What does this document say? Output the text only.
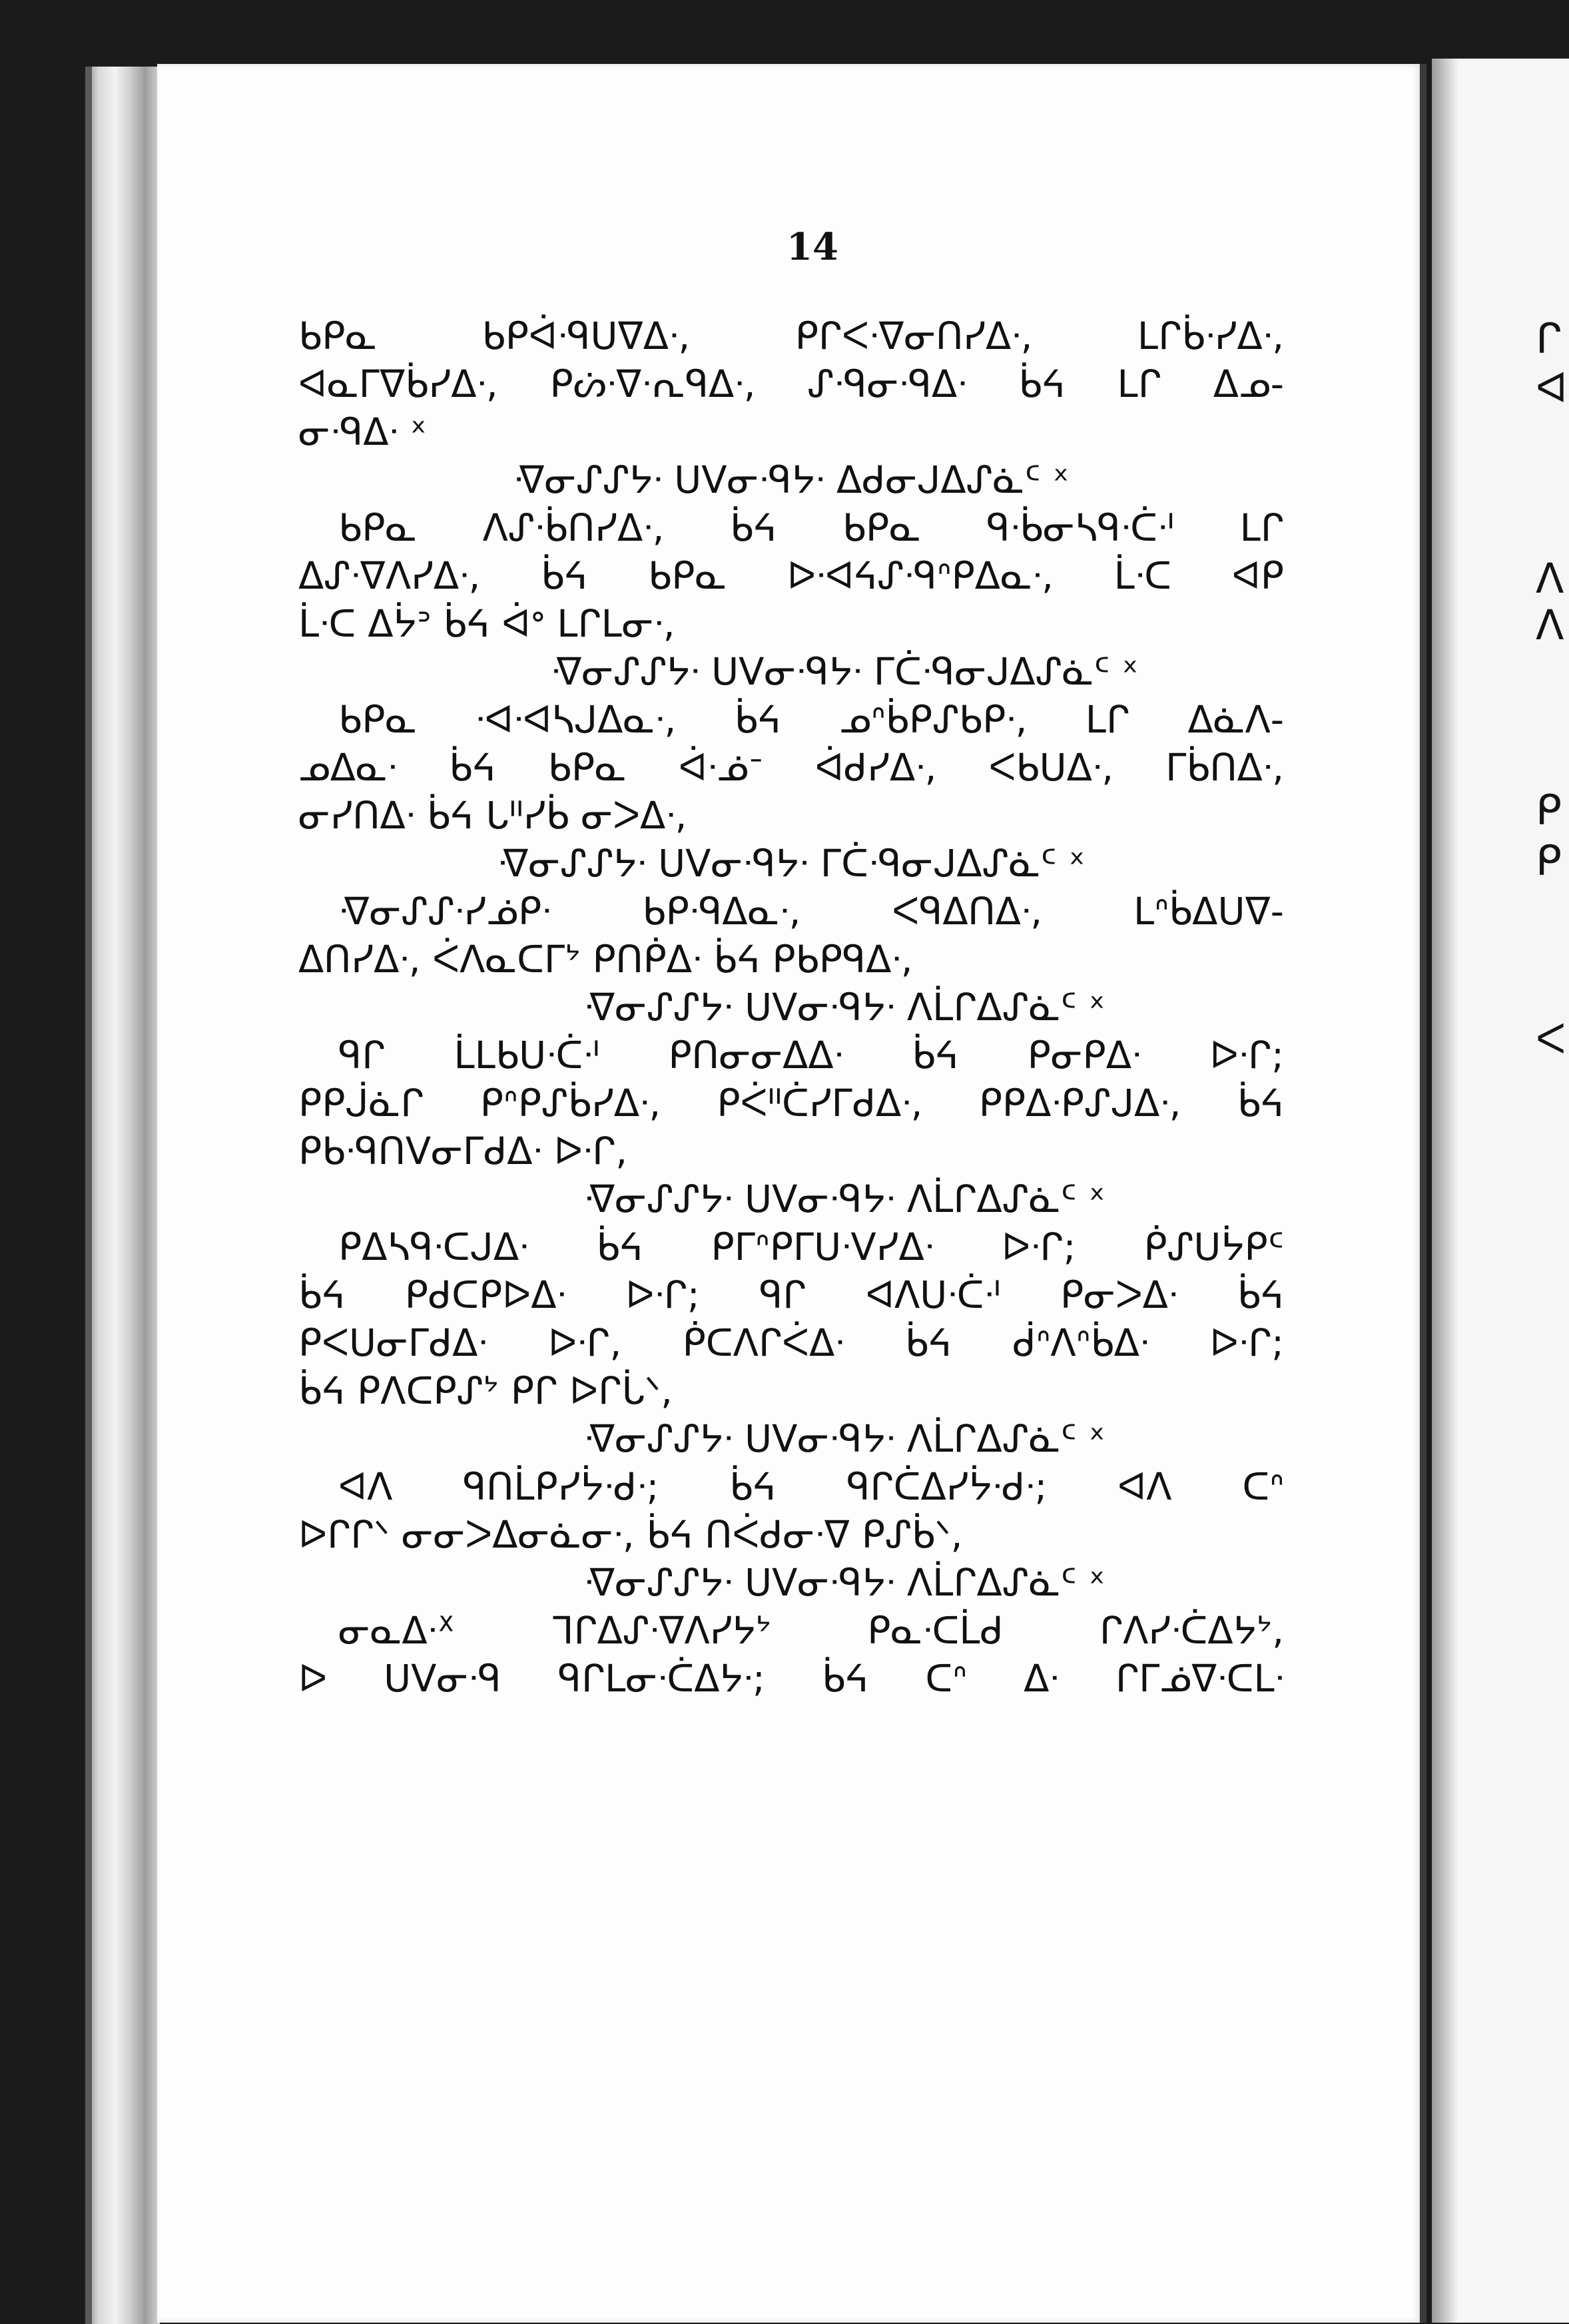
ᒋ
ᐊ
ᐱ
ᐱ
ᑭ
ᑭ
ᐸ
14
ᑲᑭᓇ ᑲᑭᐋᐧᑫᑌᐁᐃᐧ, ᑭᒋᐸᐧᐁᓂᑎᓯᐃᐧ, ᒪᒋᑳᐧᓯᐃᐧ,
ᐊᓇᒥᐁᑳᓯᐃᐧ, ᑭᔖᐧᐁᐧᕆᑫᐃᐧ, ᔑᐧᑫᓂᐧᑫᐃᐧ ᑳᔦ ᒪᒋ ᐃᓄ-
ᓂᐧᑫᐃᐧ ˣ
ᐌᓂᔑᔑᔭᐧ ᑌᐯᓂᐧᑫᔭᐧ ᐃᑯᓂᒍᐃᔑᓈᑦ ˣ
ᑲᑭᓇ ᐱᔑᐧᑳᑎᓯᐃᐧ, ᑳᔦ ᑲᑭᓇ ᑫᐧᑳᓂᓴᑫᐧᑖᐧᑊ ᒪᒋ
ᐃᔑᐧᐁᐱᓯᐃᐧ, ᑳᔦ ᑲᑭᓇ ᐅᐧᐊᔦᔑᐧᑫᐢᑭᐃᓇᐧ, ᒫᐧᑕ ᐊᑭ
ᒫᐧᑕ ᐃᔮᐣ ᑳᔦ ᐋᐤ ᒪᒋᒪᓂᐧ,
ᐌᓂᔑᔑᔭᐧ ᑌᐯᓂᐧᑫᔭᐧ ᒥᑖᐧᑫᓂᒍᐃᔑᓈᑦ ˣ
ᑲᑭᓇ ᐧᐊᐧᐊᓴᒍᐃᓇᐧ, ᑳᔦ ᓄᐢᑳᑭᔑᑲᑭᐧ, ᒪᒋ ᐃᓈᐱ-
ᓄᐃᓇᐧ ᑳᔦ ᑲᑭᓇ ᐋᐧᓅᐨ ᐋᑯᓯᐃᐧ, ᐸᑲᑌᐃᐧ, ᒥᑳᑎᐃᐧ,
ᓂᓯᑎᐃᐧ ᑳᔦ ᒐᐦᓯᑳ ᓂᐳᐃᐧ,
ᐌᓂᔑᔑᔭᐧ ᑌᐯᓂᐧᑫᔭᐧ ᒥᑖᐧᑫᓂᒍᐃᔑᓈᑦ ˣ
ᐌᓂᔑᔑᐧᓯᓅᑭᐧ ᑲᑭᐧᑫᐃᓇᐧ, ᐸᑫᐃᑎᐃᐧ, ᒪᐢᑳᐃᑌᐁ-
ᐃᑎᓯᐃᐧ, ᐹᐱᓇᑕᒥᔾ ᑭᑎᑮᐃᐧ ᑳᔦ ᑭᑲᑭᑫᐃᐧ,
ᐌᓂᔑᔑᔭᐧ ᑌᐯᓂᐧᑫᔭᐧ ᐱᒫᒋᐃᔑᓈᑦ ˣ
ᑫᒋ ᒫᒪᑲᑌᐧᑖᐧᑊ ᑭᑎᓂᓂᐃᐃᐧ ᑳᔦ ᑭᓂᑭᐃᐧ ᐅᐧᒋ;
ᑭᑭᒎᓈᒋ ᑭᐢᑭᔑᑳᓯᐃᐧ, ᑭᐹᐦᑖᓯᒥᑯᐃᐧ, ᑭᑭᐃᐧᑭᔑᒍᐃᐧ, ᑳᔦ
ᑭᑲᐧᑫᑎᐯᓂᒥᑯᐃᐧ ᐅᐧᒋ,
ᐌᓂᔑᔑᔭᐧ ᑌᐯᓂᐧᑫᔭᐧ ᐱᒫᒋᐃᔑᓈᑦ ˣ
ᑭᐃᓴᑫᐧᑕᒍᐃᐧ ᑳᔦ ᑭᒥᐢᑭᒥᑌᐧᐯᓯᐃᐧ ᐅᐧᒋ; ᑮᔑᑌᔮᑭᑦ
ᑳᔦ ᑭᑯᑕᑭᐅᐃᐧ ᐅᐧᒋ; ᑫᒋ ᐊᐱᑌᐧᑖᐧᑊ ᑭᓂᐳᐃᐧ ᑳᔦ
ᑭᐸᑌᓂᒥᑯᐃᐧ ᐅᐧᒋ, ᑮᑕᐱᒋᐹᐃᐧ ᑳᔦ ᑰᐢᐱᐢᑳᐃᐧ ᐅᐧᒋ;
ᑳᔦ ᑭᐱᑕᑭᔑᔾ ᑭᒋ ᐅᒋᒑᐠ,
ᐌᓂᔑᔑᔭᐧ ᑌᐯᓂᐧᑫᔭᐧ ᐱᒫᒋᐃᔑᓈᑦ ˣ
ᐊᐱ ᑫᑎᒫᑭᓯᔮᐧᑯᐧ; ᑳᔦ ᑫᒋᑖᐃᓯᔮᐧᑯᐧ; ᐊᐱ ᑕᐢ
ᐅᒋᒋᐠ ᓂᓂᐳᐃᓂᓈᓂᐧ, ᑳᔦ ᑎᐹᑯᓂᐧᐁ ᑭᔑᑳᐠ,
ᐌᓂᔑᔑᔭᐧ ᑌᐯᓂᐧᑫᔭᐧ ᐱᒫᒋᐃᔑᓈᑦ ˣ
ᓂᓇᐃᐧᕽ ᒣᒋᐃᔑᐧᐁᐱᓯᔭᔾ ᑭᓇᐧᑕᒫᑯ ᒋᐱᓯᐧᑖᐃᔭᔾ,
ᐅ ᑌᐯᓂᐧᑫ ᑫᒋᒪᓂᐧᑖᐃᔭᐧ; ᑳᔦ ᑕᐢ ᐃᐧ ᒋᒥᓅᐁᐧᑕᒪᐧ
